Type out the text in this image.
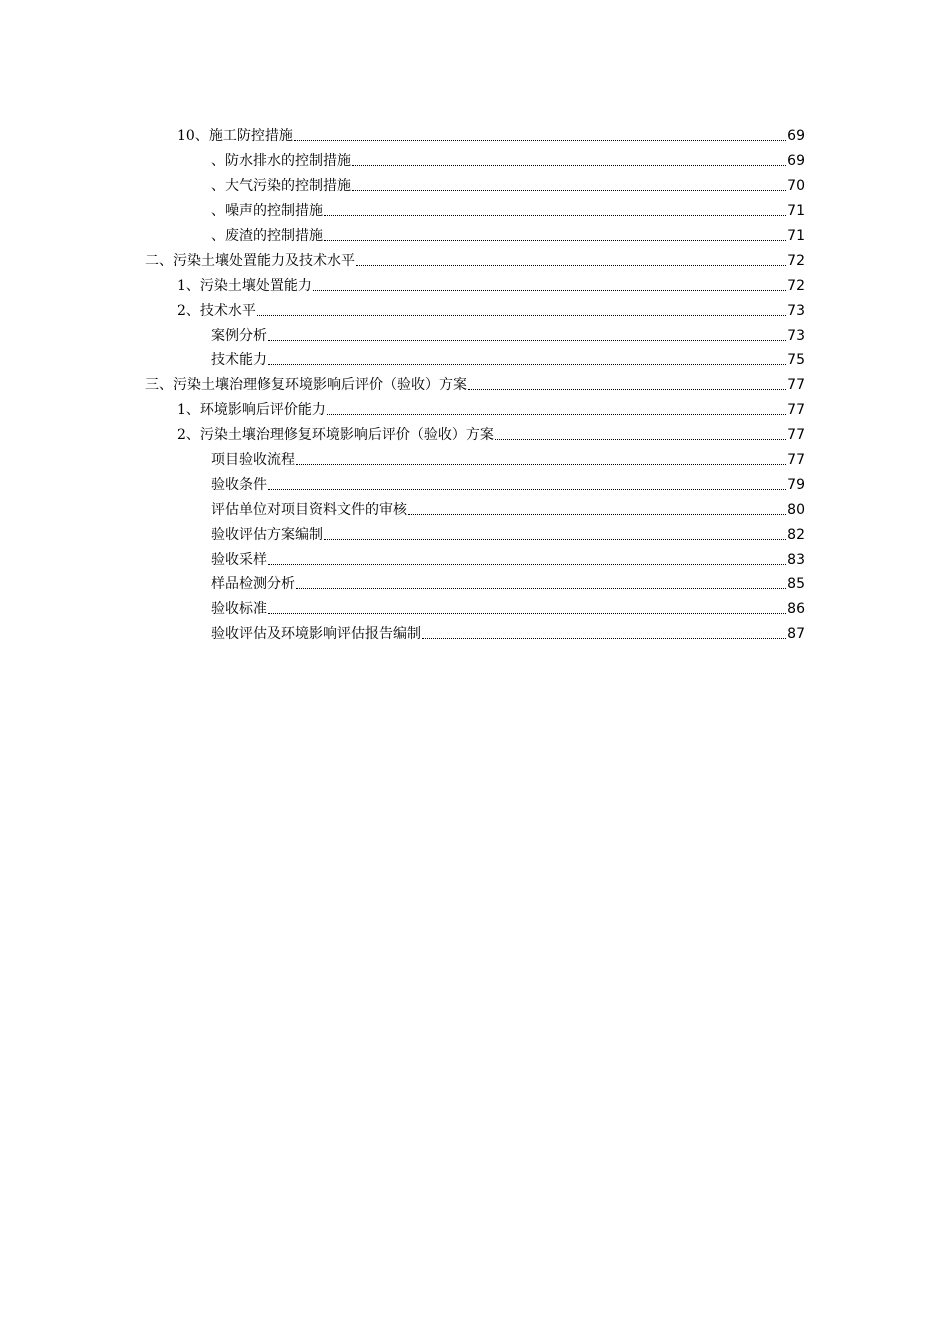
10、施工防控措施	69
、防水排水的控制措施	69
、大气污染的控制措施	70
、噪声的控制措施	71
、废渣的控制措施	71
二、污染土壤处置能力及技术水平	72
1、污染土壤处置能力	72
2、技术水平	73
案例分析	73
技术能力	75
三、污染土壤治理修复环境影响后评价（验收）方案	77
1、环境影响后评价能力	77
2、污染土壤治理修复环境影响后评价（验收）方案	77
项目验收流程	77
验收条件	79
评估单位对项目资料文件的审核	80
验收评估方案编制	82
验收采样	83
样品检测分析	85
验收标准	86
验收评估及环境影响评估报告编制	87
